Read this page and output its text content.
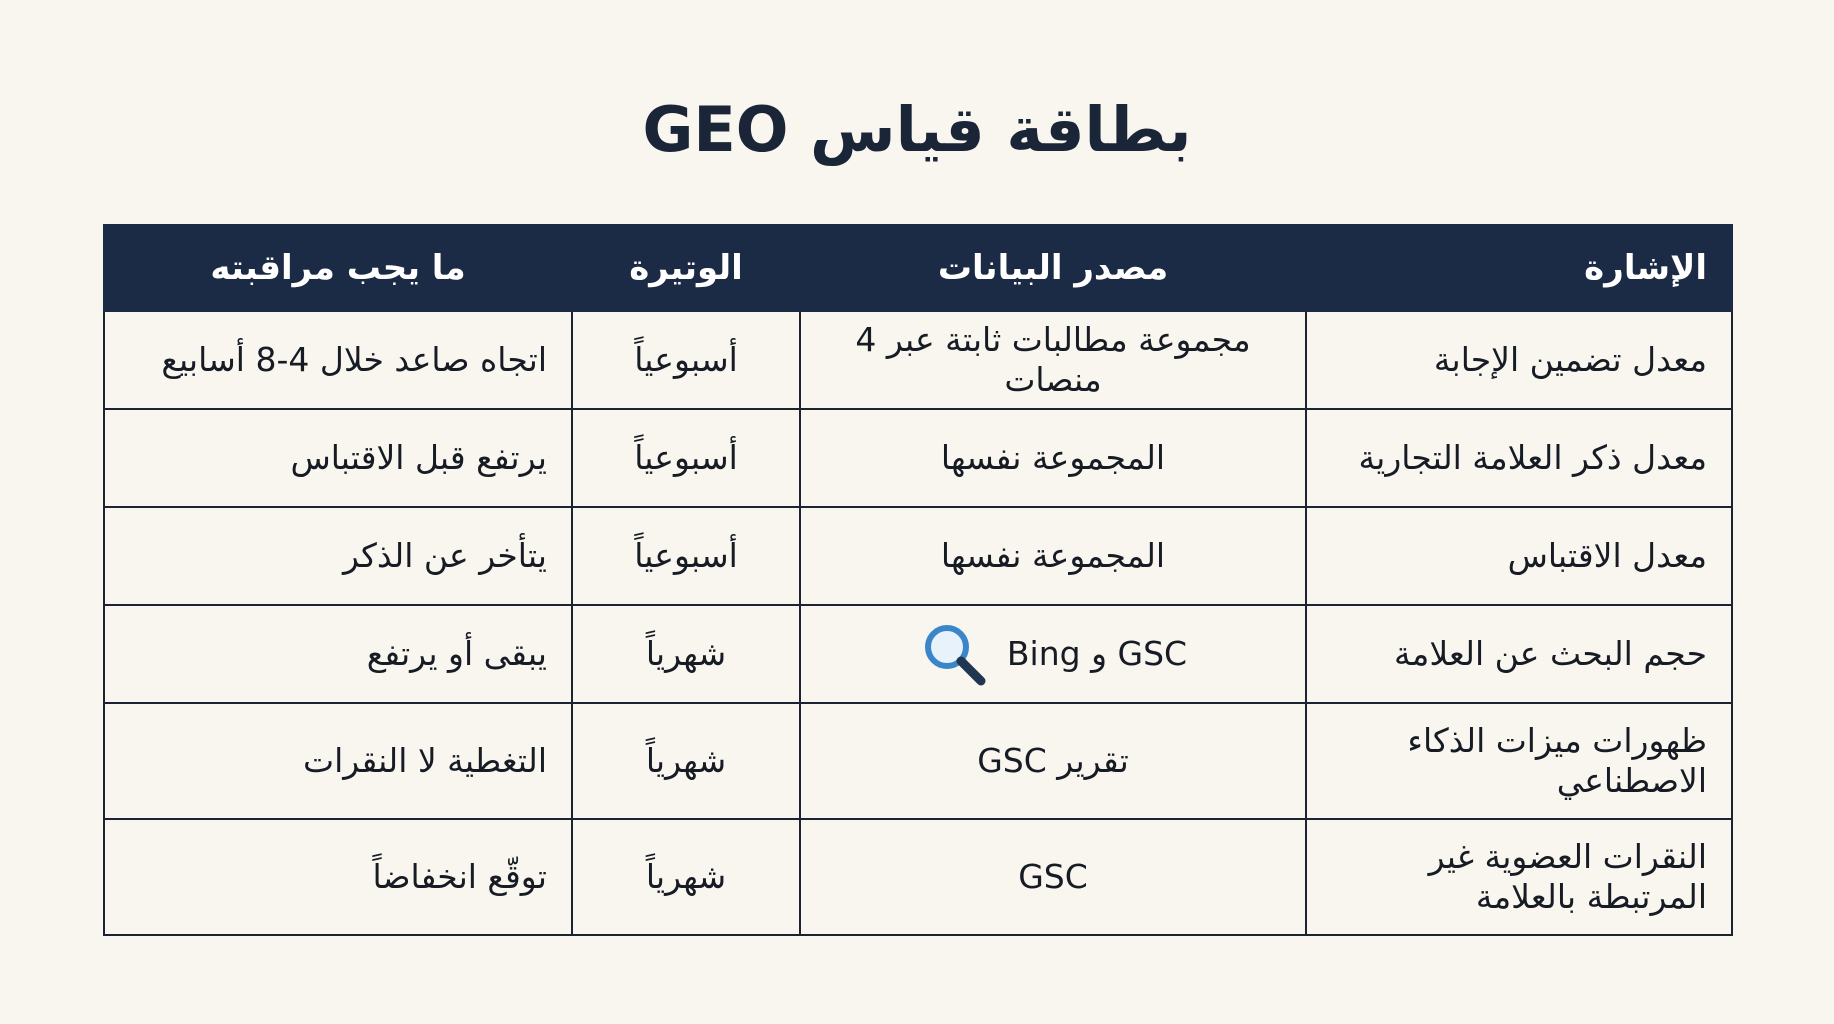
بطاقة قياس GEO
الإشارة	مصدر البيانات	الوتيرة	ما يجب مراقبته
معدل تضمين الإجابة	مجموعة مطالبات ثابتة عبر 4 منصات	أسبوعياً	اتجاه صاعد خلال 4-8 أسابيع
معدل ذكر العلامة التجارية	المجموعة نفسها	أسبوعياً	يرتفع قبل الاقتباس
معدل الاقتباس	المجموعة نفسها	أسبوعياً	يتأخر عن الذكر
حجم البحث عن العلامة	GSC و Bing	شهرياً	يبقى أو يرتفع
ظهورات ميزات الذكاء الاصطناعي	تقرير GSC	شهرياً	التغطية لا النقرات
النقرات العضوية غير المرتبطة بالعلامة	GSC	شهرياً	توقّع انخفاضاً
